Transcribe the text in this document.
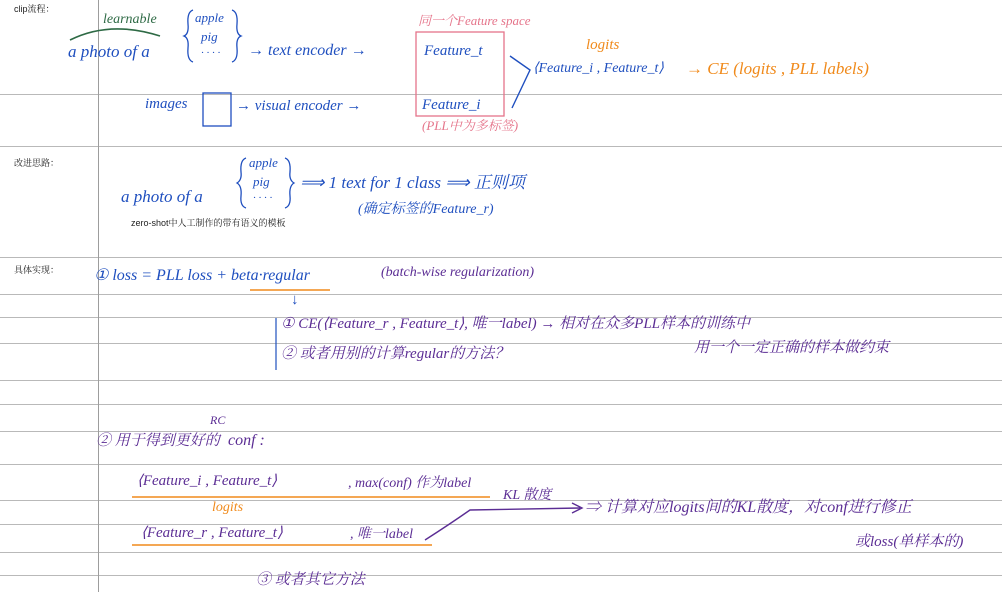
clip流程：
改进思路：
具体实现：
learnable
a photo of a
apple
pig
· · · · → text encoder →	Feature_t
同一个Feature space
logits
⟨Feature_i , Feature_t⟩ → CE (logits , PLL labels)
images	→ visual encoder →	Feature_i
(PLL中为多标签)
a photo of a
apple
pig
· · · ·
⟹ 1 text for 1 class ⟹ 正则项
(确定标签的Feature_r)
zero-shot中人工制作的带有语义的模板
① loss = PLL loss + beta·regular	(batch-wise regularization)
↓
① CE(⟨Feature_r , Feature_t⟩, 唯一label) → 相对在众多PLL样本的训练中
用一个一定正确的样本做约束
② 或者用别的计算regular的方法？
② 用于得到更好的
RC
conf :
⟨Feature_i , Feature_t⟩	, max(conf) 作为label
logits
⟨Feature_r , Feature_t⟩	, 唯一label
KL 散度
⇒ 计算对应logits间的KL散度，对conf进行修正
或loss(单样本的)
③ 或者其它方法
